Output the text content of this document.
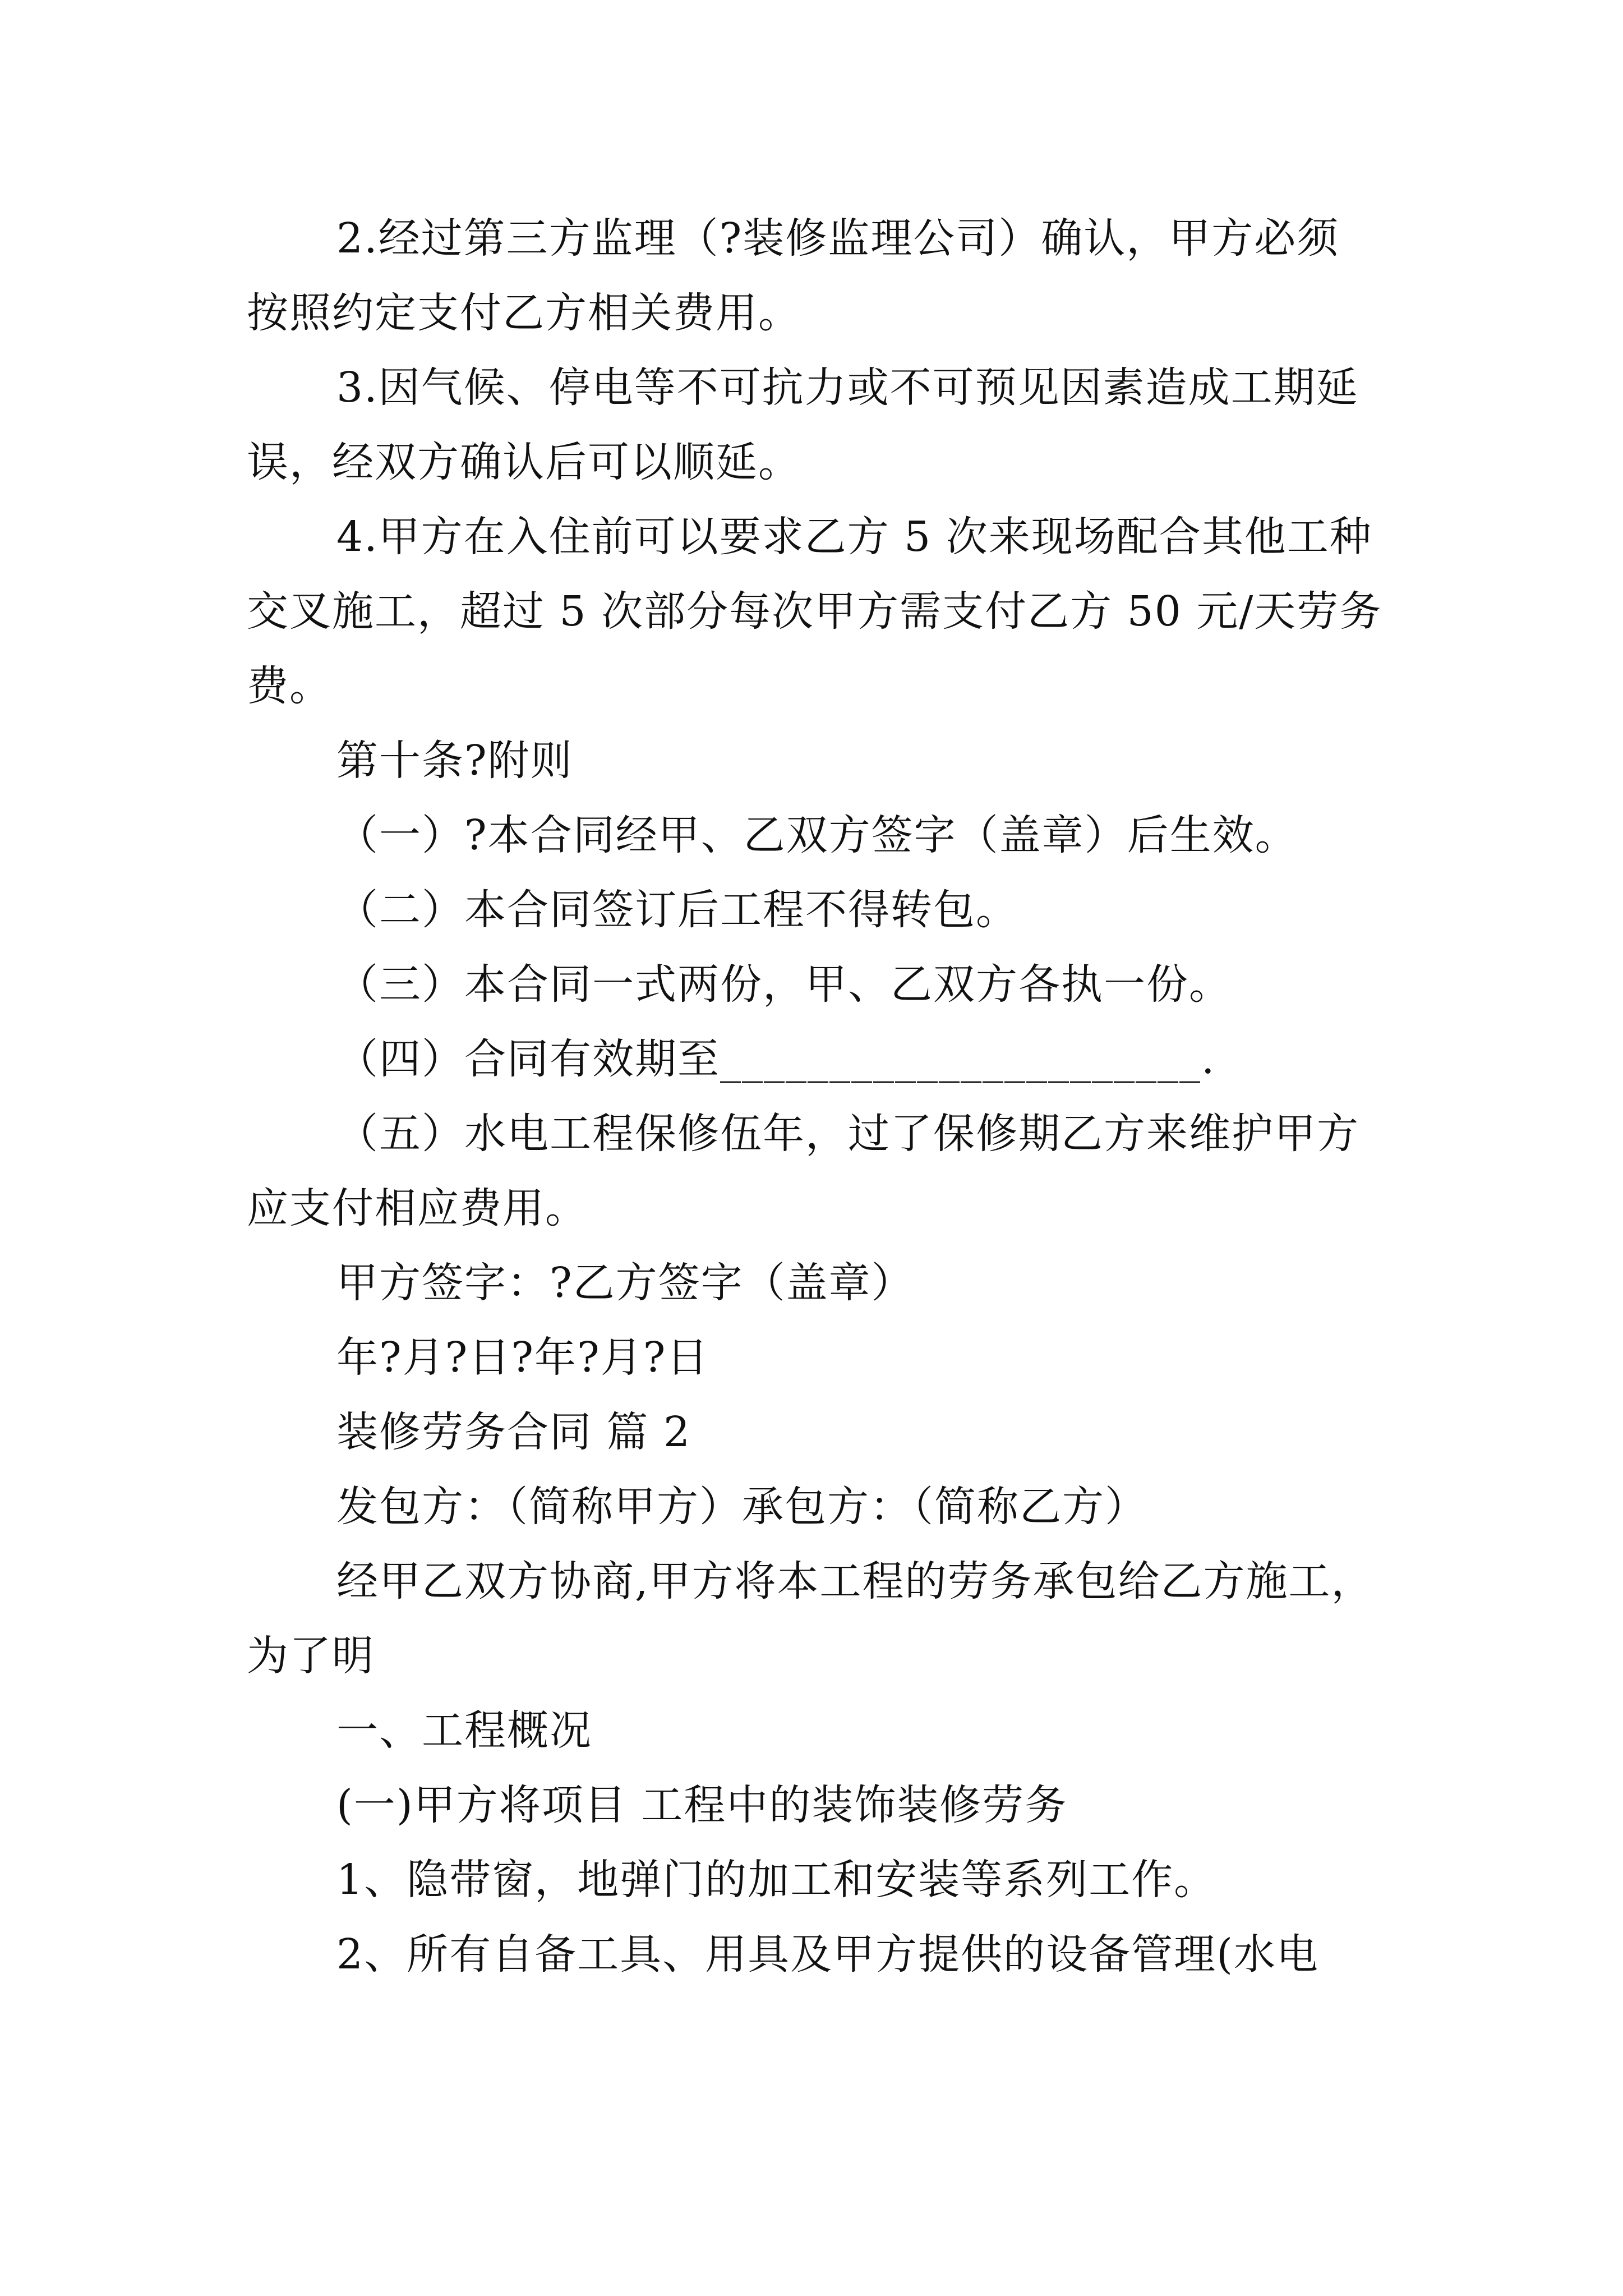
2.经过第三方监理（?装修监理公司）确认，甲方必须
按照约定支付乙方相关费用。
3.因气候、停电等不可抗力或不可预见因素造成工期延
误，经双方确认后可以顺延。
4.甲方在入住前可以要求乙方 5 次来现场配合其他工种
交叉施工，超过 5 次部分每次甲方需支付乙方 50 元/天劳务
费。
第十条?附则
（一）?本合同经甲、乙双方签字（盖章）后生效。
（二）本合同签订后工程不得转包。
（三）本合同一式两份，甲、乙双方各执一份。
（四）合同有效期至______________________.
（五）水电工程保修伍年，过了保修期乙方来维护甲方
应支付相应费用。
甲方签字：?乙方签字（盖章）
年?月?日?年?月?日
装修劳务合同 篇 2
发包方：（简称甲方）承包方：（简称乙方）
经甲乙双方协商,甲方将本工程的劳务承包给乙方施工，
为了明
一、工程概况
(一)甲方将项目 工程中的装饰装修劳务
1、隐带窗，地弹门的加工和安装等系列工作。
2、所有自备工具、用具及甲方提供的设备管理(水电
